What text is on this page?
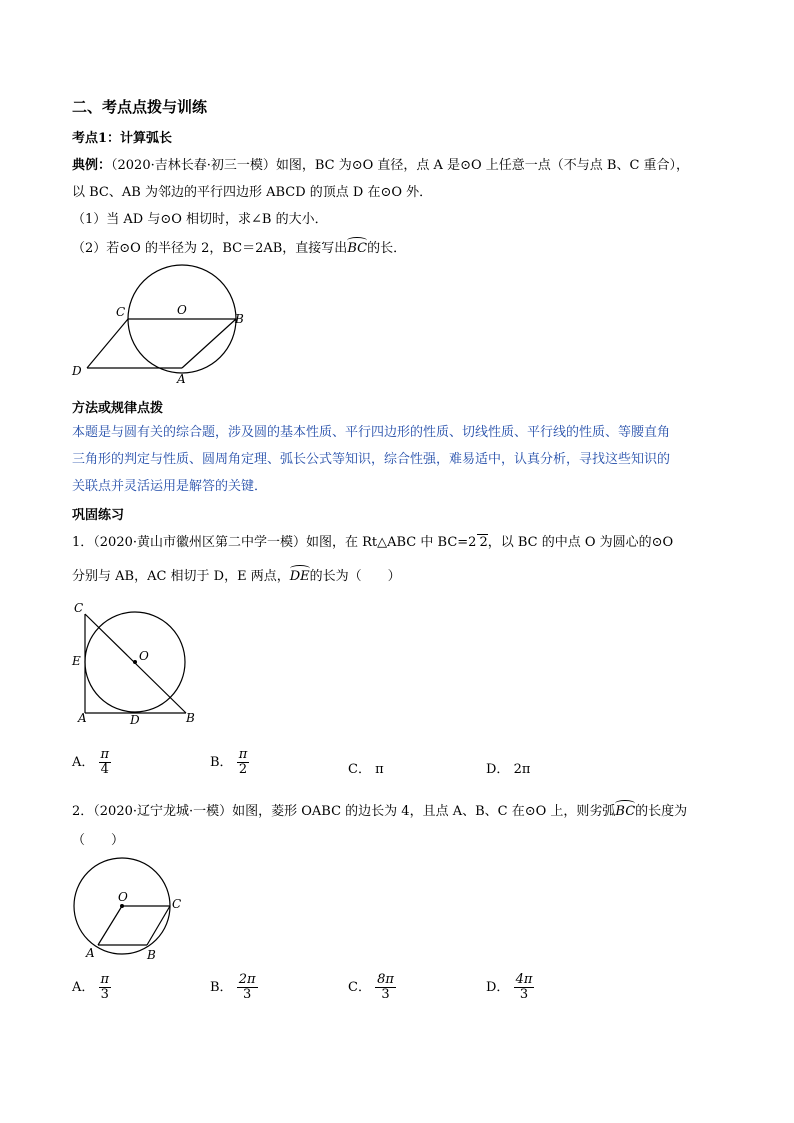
二、考点点拨与训练
考点1：计算弧长
典例：（2020·吉林长春·初三一模）如图，BC 为⊙O 直径，点 A 是⊙O 上任意一点（不与点 B、C 重合），
以 BC、AB 为邻边的平行四边形 ABCD 的顶点 D 在⊙O 外．
（1）当 AD 与⊙O 相切时，求∠B 的大小．
（2）若⊙O 的半径为 2，BC＝2AB，直接写出BC的长．
C	O
B
D
A
方法或规律点拨
本题是与圆有关的综合题，涉及圆的基本性质、平行四边形的性质、切线性质、平行线的性质、等腰直角
三角形的判定与性质、圆周角定理、弧长公式等知识，综合性强，难易适中，认真分析，寻找这些知识的
关联点并灵活运用是解答的关键．
巩固练习
1．（2020·黄山市徽州区第二中学一模）如图，在 Rt△ABC 中 BC=2 2，以 BC 的中点 O 为圆心的⊙O
分别与 AB，AC 相切于 D，E 两点，DE的长为（　　）
C
E	O
A	D	B
A． $\frac{\pi}{4}$	B． $\frac{\pi}{2}$	C． π	D． 2π
2．（2020·辽宁龙城·一模）如图，菱形 OABC 的边长为 4，且点 A、B、C 在⊙O 上，则劣弧BC的长度为
（　　）
O	C
A	B
A． $\frac{\pi}{3}$	B． $\frac{2\pi}{3}$	C． $\frac{8\pi}{3}$	D． $\frac{4\pi}{3}$
